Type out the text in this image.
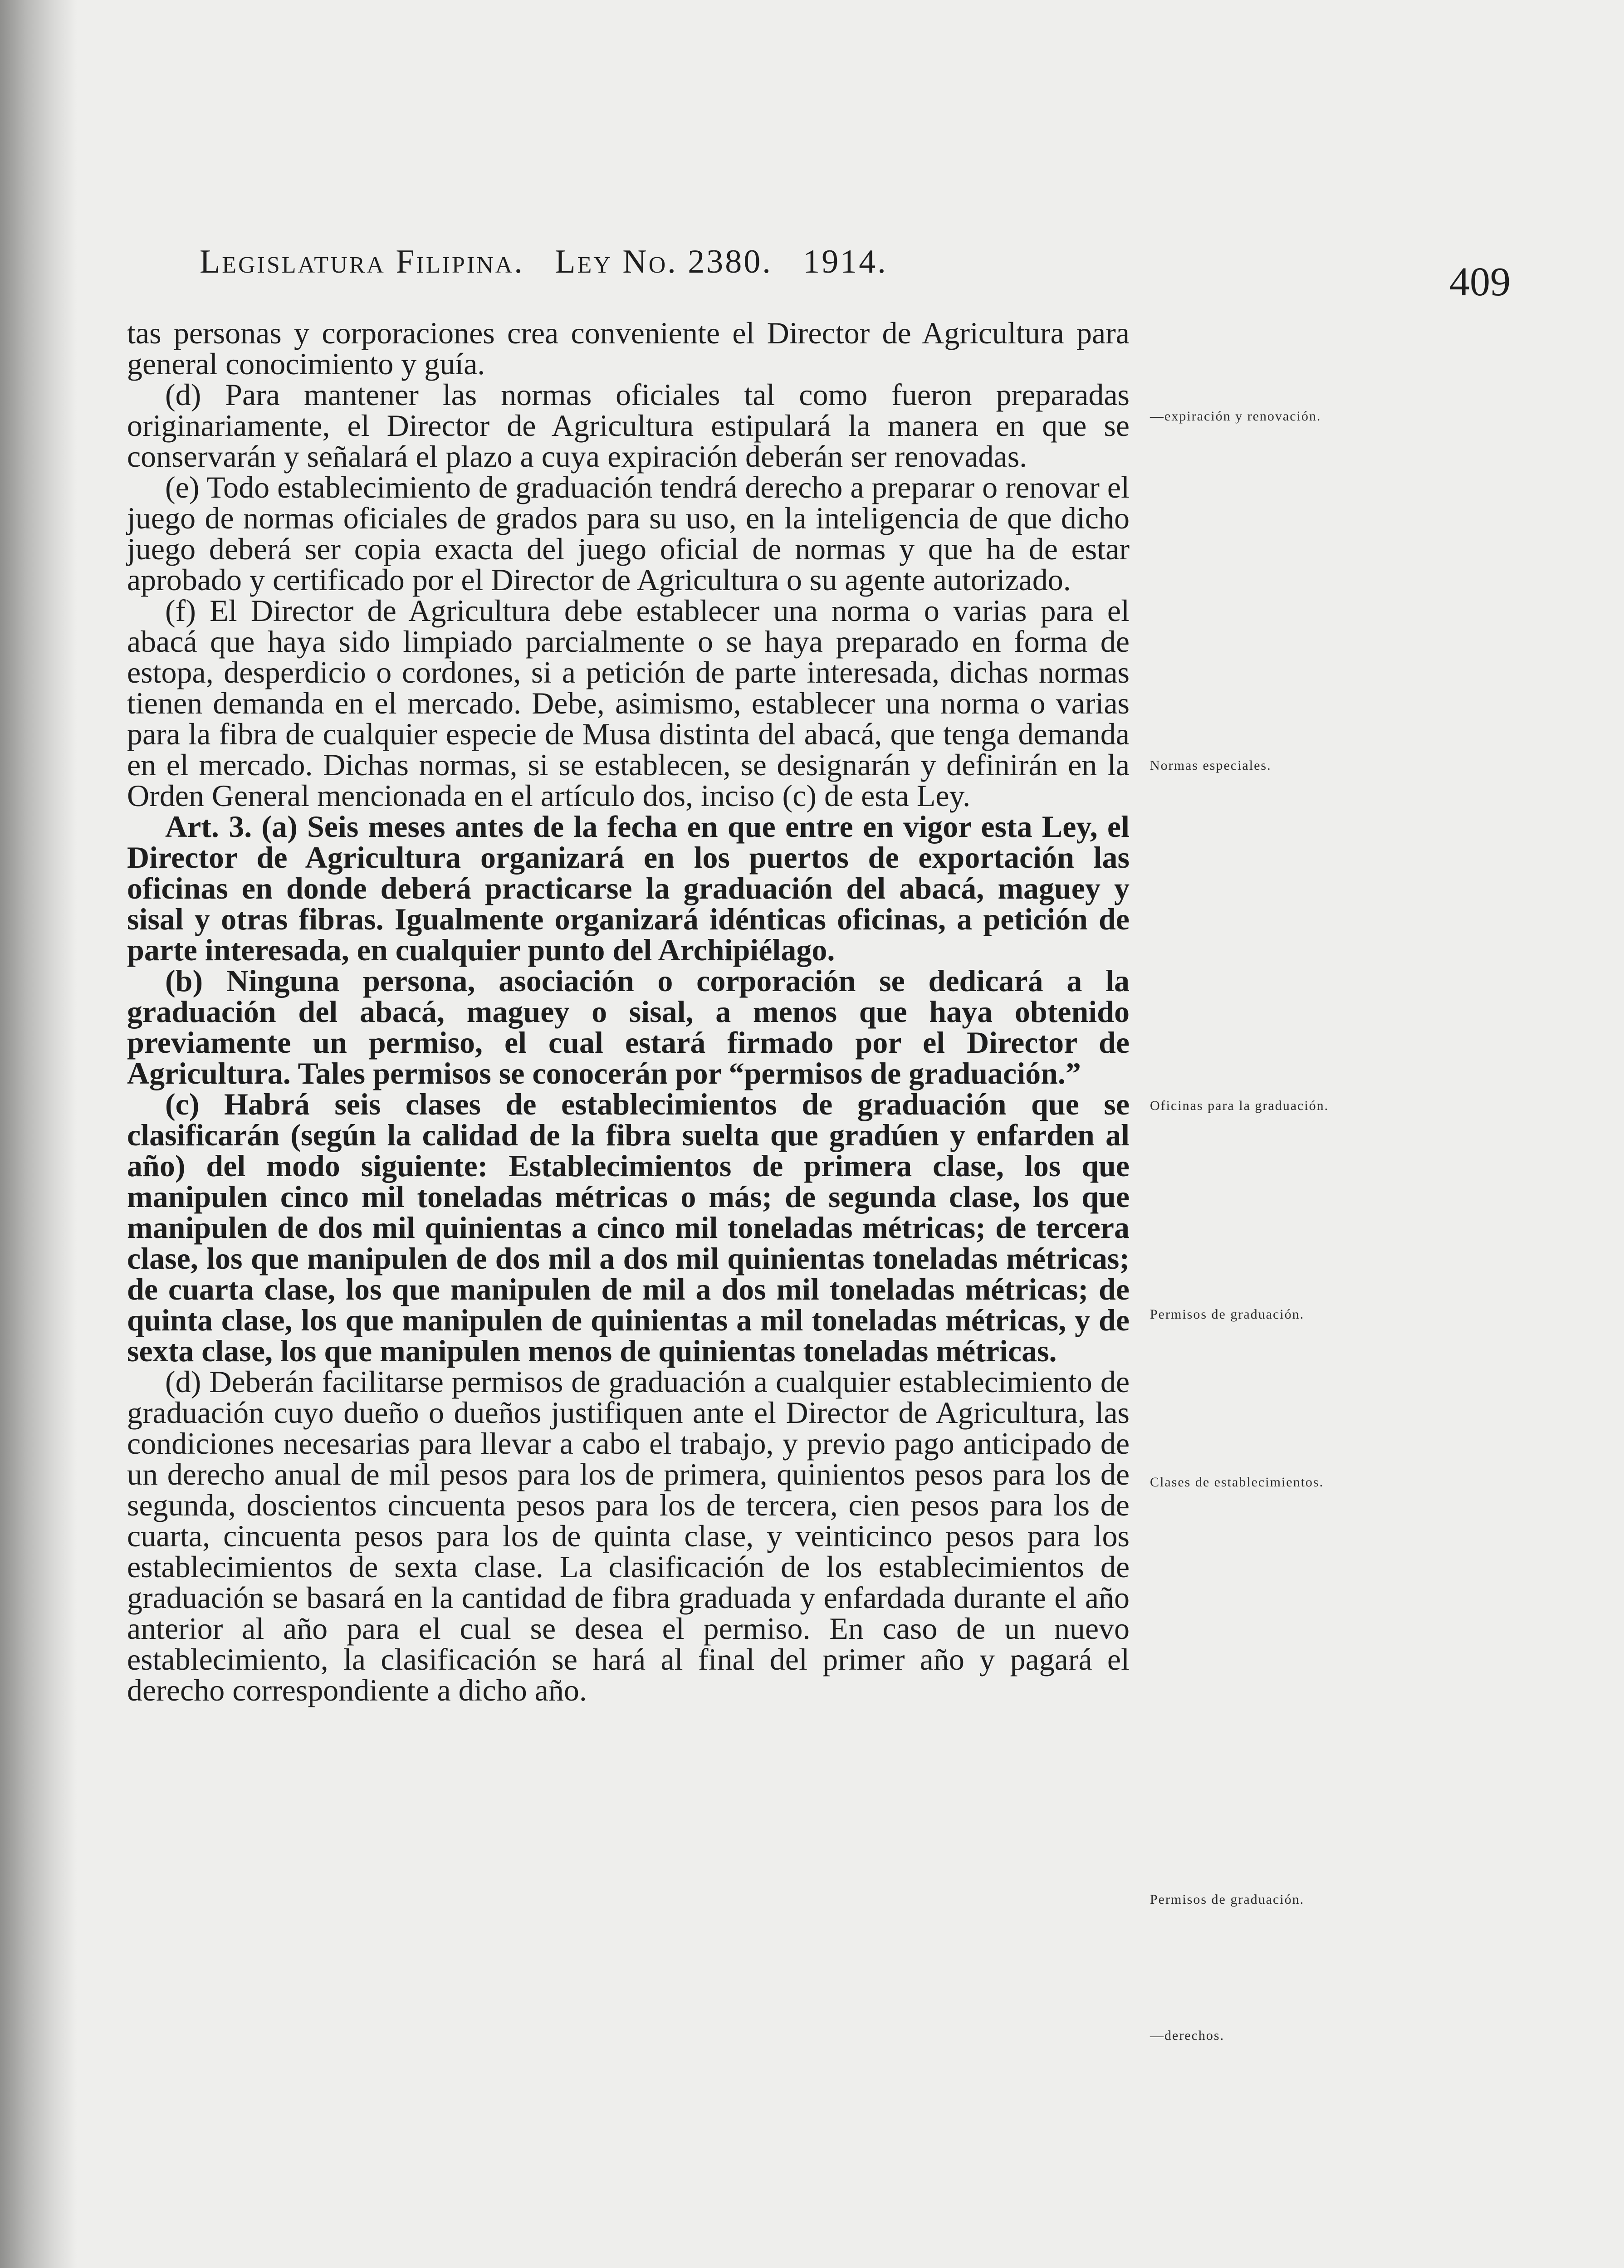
Legislatura Filipina. Ley No. 2380. 1914.	409

tas personas y corporaciones crea conveniente el Director de Agricultura para general conocimiento y guía.

(d) Para mantener las normas oficiales tal como fueron preparadas originariamente, el Director de Agricultura estipulará la manera en que se conservarán y señalará el plazo a cuya expiración deberán ser renovadas.

(e) Todo establecimiento de graduación tendrá derecho a preparar o renovar el juego de normas oficiales de grados para su uso, en la inteligencia de que dicho juego deberá ser copia exacta del juego oficial de normas y que ha de estar aprobado y certificado por el Director de Agricultura o su agente autorizado.

(f) El Director de Agricultura debe establecer una norma o varias para el abacá que haya sido limpiado parcialmente o se haya preparado en forma de estopa, desperdicio o cordones, si a petición de parte interesada, dichas normas tienen demanda en el mercado. Debe, asimismo, establecer una norma o varias para la fibra de cualquier especie de Musa distinta del abacá, que tenga demanda en el mercado. Dichas normas, si se establecen, se designarán y definirán en la Orden General mencionada en el artículo dos, inciso (c) de esta Ley.

Art. 3. (a) Seis meses antes de la fecha en que entre en vigor esta Ley, el Director de Agricultura organizará en los puertos de exportación las oficinas en donde deberá practicarse la graduación del abacá, maguey y sisal y otras fibras. Igualmente organizará idénticas oficinas, a petición de parte interesada, en cualquier punto del Archipiélago.

(b) Ninguna persona, asociación o corporación se dedicará a la graduación del abacá, maguey o sisal, a menos que haya obtenido previamente un permiso, el cual estará firmado por el Director de Agricultura. Tales permisos se conocerán por “permisos de graduación.”

(c) Habrá seis clases de establecimientos de graduación que se clasificarán (según la calidad de la fibra suelta que gradúen y enfarden al año) del modo siguiente: Establecimientos de primera clase, los que manipulen cinco mil toneladas métricas o más; de segunda clase, los que manipulen de dos mil quinientas a cinco mil toneladas métricas; de tercera clase, los que manipulen de dos mil a dos mil quinientas toneladas métricas; de cuarta clase, los que manipulen de mil a dos mil toneladas métricas; de quinta clase, los que manipulen de quinientas a mil toneladas métricas, y de sexta clase, los que manipulen menos de quinientas toneladas métricas.

(d) Deberán facilitarse permisos de graduación a cualquier establecimiento de graduación cuyo dueño o dueños justifiquen ante el Director de Agricultura, las condiciones necesarias para llevar a cabo el trabajo, y previo pago anticipado de un derecho anual de mil pesos para los de primera, quinientos pesos para los de segunda, doscientos cincuenta pesos para los de tercera, cien pesos para los de cuarta, cincuenta pesos para los de quinta clase, y veinticinco pesos para los establecimientos de sexta clase. La clasificación de los establecimientos de graduación se basará en la cantidad de fibra graduada y enfardada durante el año anterior al año para el cual se desea el permiso. En caso de un nuevo establecimiento, la clasificación se hará al final del primer año y pagará el derecho correspondiente a dicho año.

—expiración y renovación.
Normas especiales.
Oficinas para la graduación.
Permisos de graduación.
Clases de establecimientos.
Permisos de graduación.
—derechos.
